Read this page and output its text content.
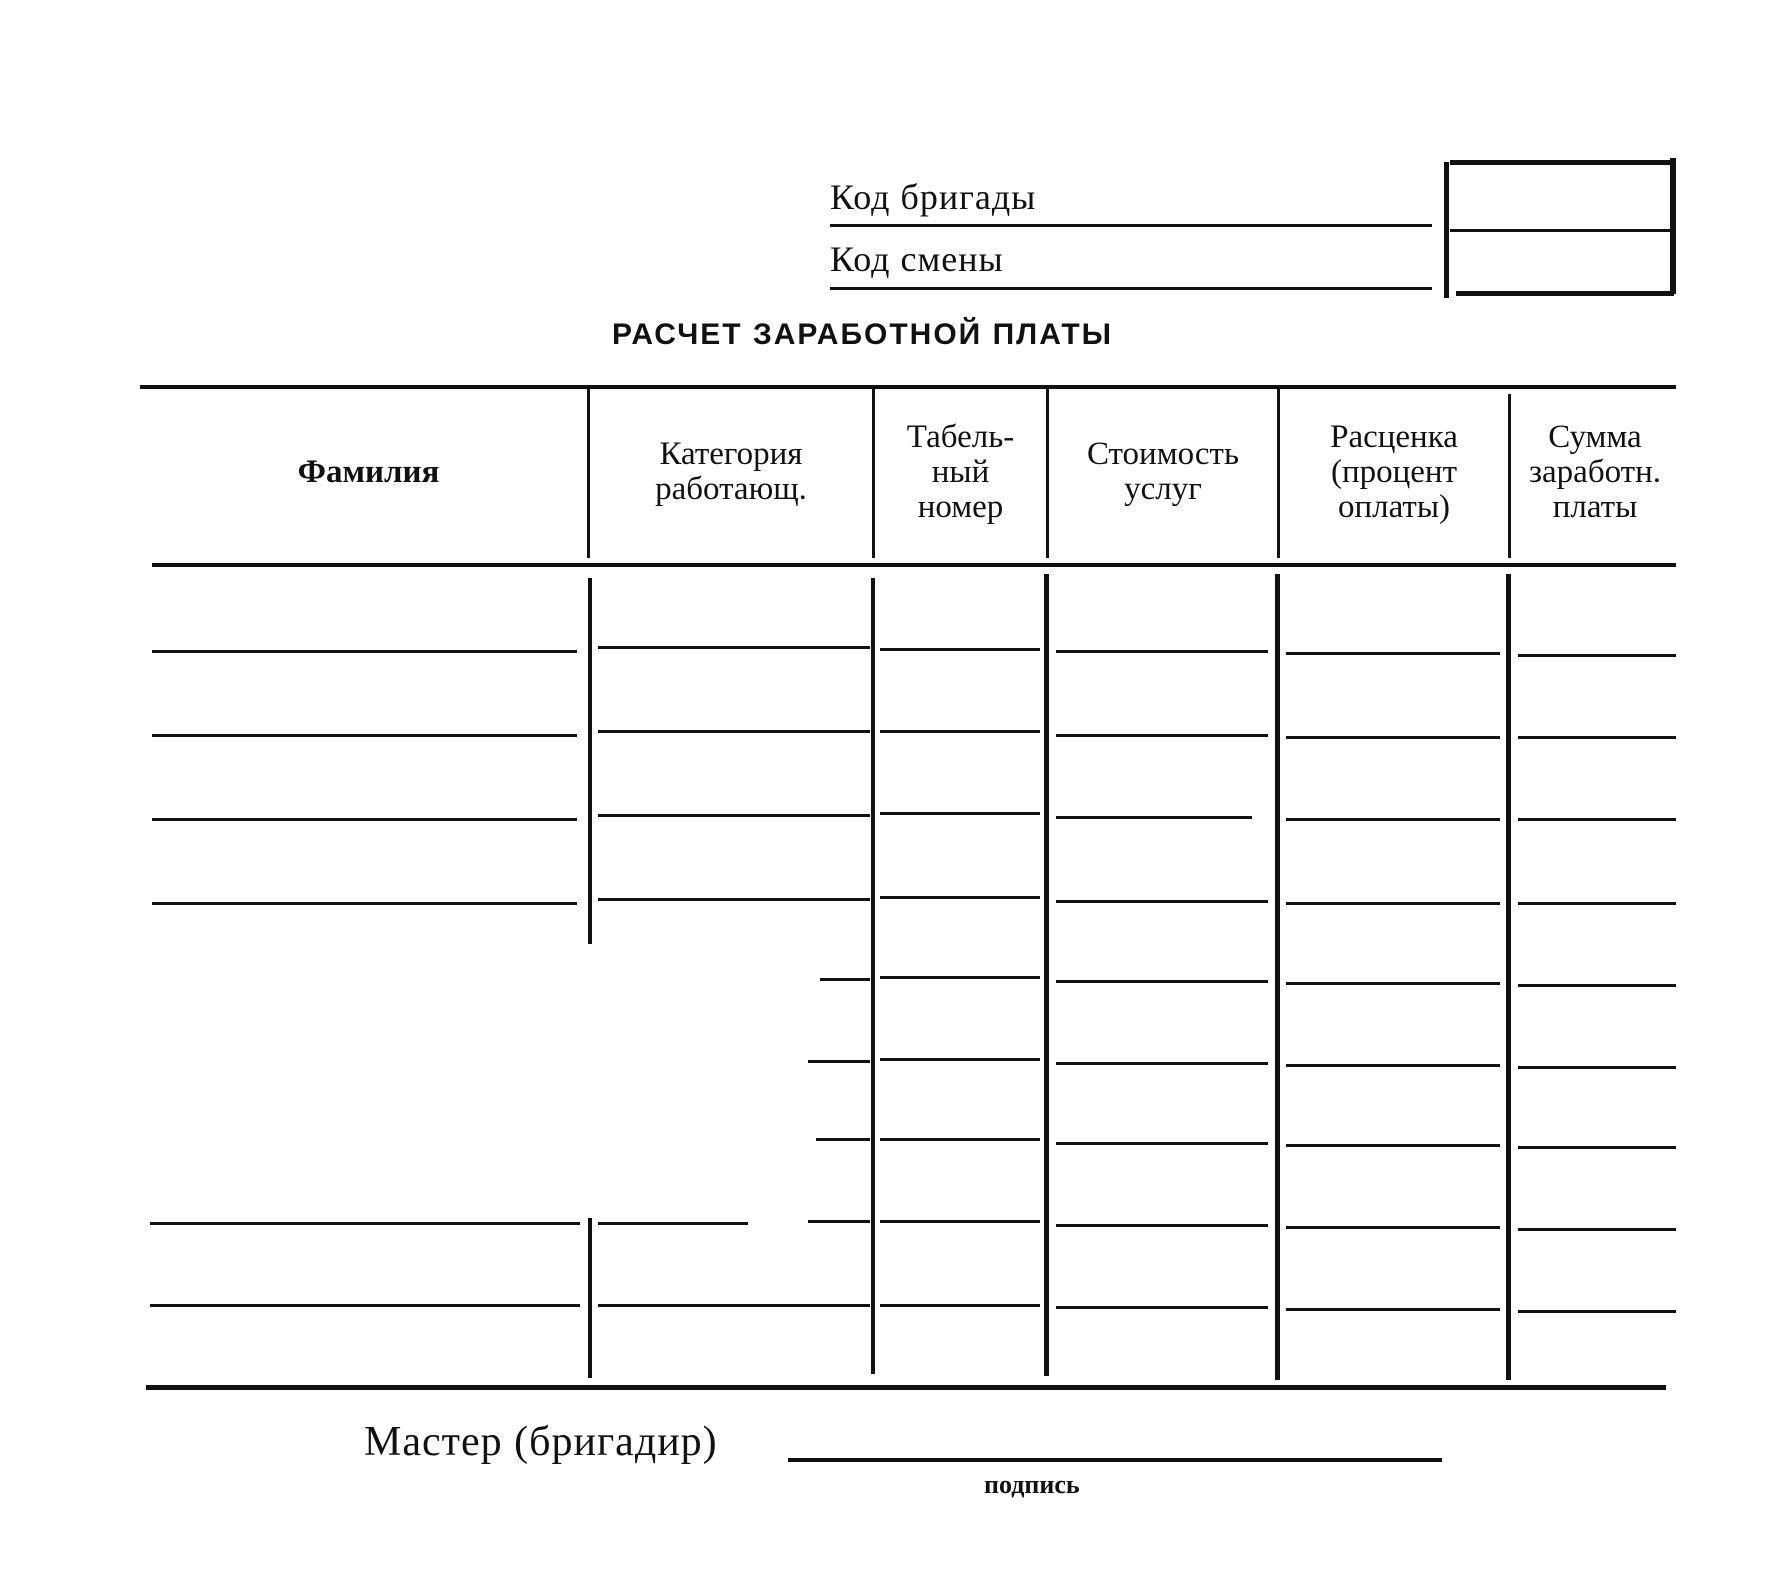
Код бригады
Код смены
РАСЧЕТ ЗАРАБОТНОЙ ПЛАТЫ
Фамилия	Категория
работающ.
Табель-
ный
номер
Стоимость
услуг
Расценка
(процент
оплаты)
Сумма
заработн.
платы
Мастер (бригадир)
подпись
